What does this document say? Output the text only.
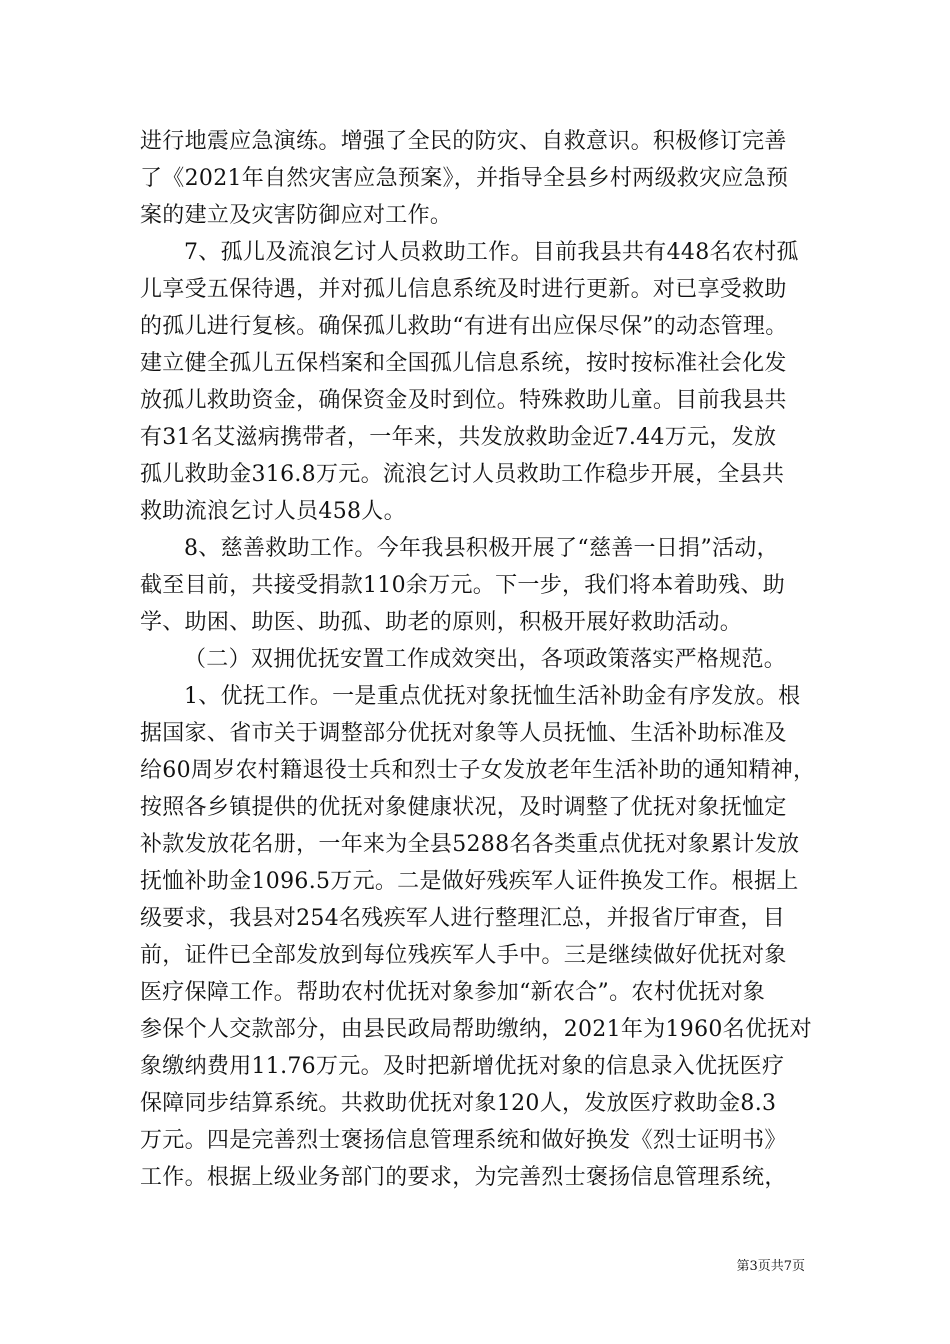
进行地震应急演练。增强了全民的防灾、自救意识。积极修订完善
了《2021年自然灾害应急预案》，并指导全县乡村两级救灾应急预
案的建立及灾害防御应对工作。
7、孤儿及流浪乞讨人员救助工作。目前我县共有448名农村孤
儿享受五保待遇，并对孤儿信息系统及时进行更新。对已享受救助
的孤儿进行复核。确保孤儿救助“有进有出应保尽保”的动态管理。
建立健全孤儿五保档案和全国孤儿信息系统，按时按标准社会化发
放孤儿救助资金，确保资金及时到位。特殊救助儿童。目前我县共
有31名艾滋病携带者，一年来，共发放救助金近7.44万元，发放
孤儿救助金316.8万元。流浪乞讨人员救助工作稳步开展，全县共
救助流浪乞讨人员458人。
8、慈善救助工作。今年我县积极开展了“慈善一日捐”活动，
截至目前，共接受捐款110余万元。下一步，我们将本着助残、助
学、助困、助医、助孤、助老的原则，积极开展好救助活动。
（二）双拥优抚安置工作成效突出，各项政策落实严格规范。
1、优抚工作。一是重点优抚对象抚恤生活补助金有序发放。根
据国家、省市关于调整部分优抚对象等人员抚恤、生活补助标准及
给60周岁农村籍退役士兵和烈士子女发放老年生活补助的通知精神，
按照各乡镇提供的优抚对象健康状况，及时调整了优抚对象抚恤定
补款发放花名册，一年来为全县5288名各类重点优抚对象累计发放
抚恤补助金1096.5万元。二是做好残疾军人证件换发工作。根据上
级要求，我县对254名残疾军人进行整理汇总，并报省厅审查，目
前，证件已全部发放到每位残疾军人手中。三是继续做好优抚对象
医疗保障工作。帮助农村优抚对象参加“新农合”。农村优抚对象
参保个人交款部分，由县民政局帮助缴纳，2021年为1960名优抚对
象缴纳费用11.76万元。及时把新增优抚对象的信息录入优抚医疗
保障同步结算系统。共救助优抚对象120人，发放医疗救助金8.3
万元。四是完善烈士褒扬信息管理系统和做好换发《烈士证明书》
工作。根据上级业务部门的要求，为完善烈士褒扬信息管理系统，
第3页共7页
